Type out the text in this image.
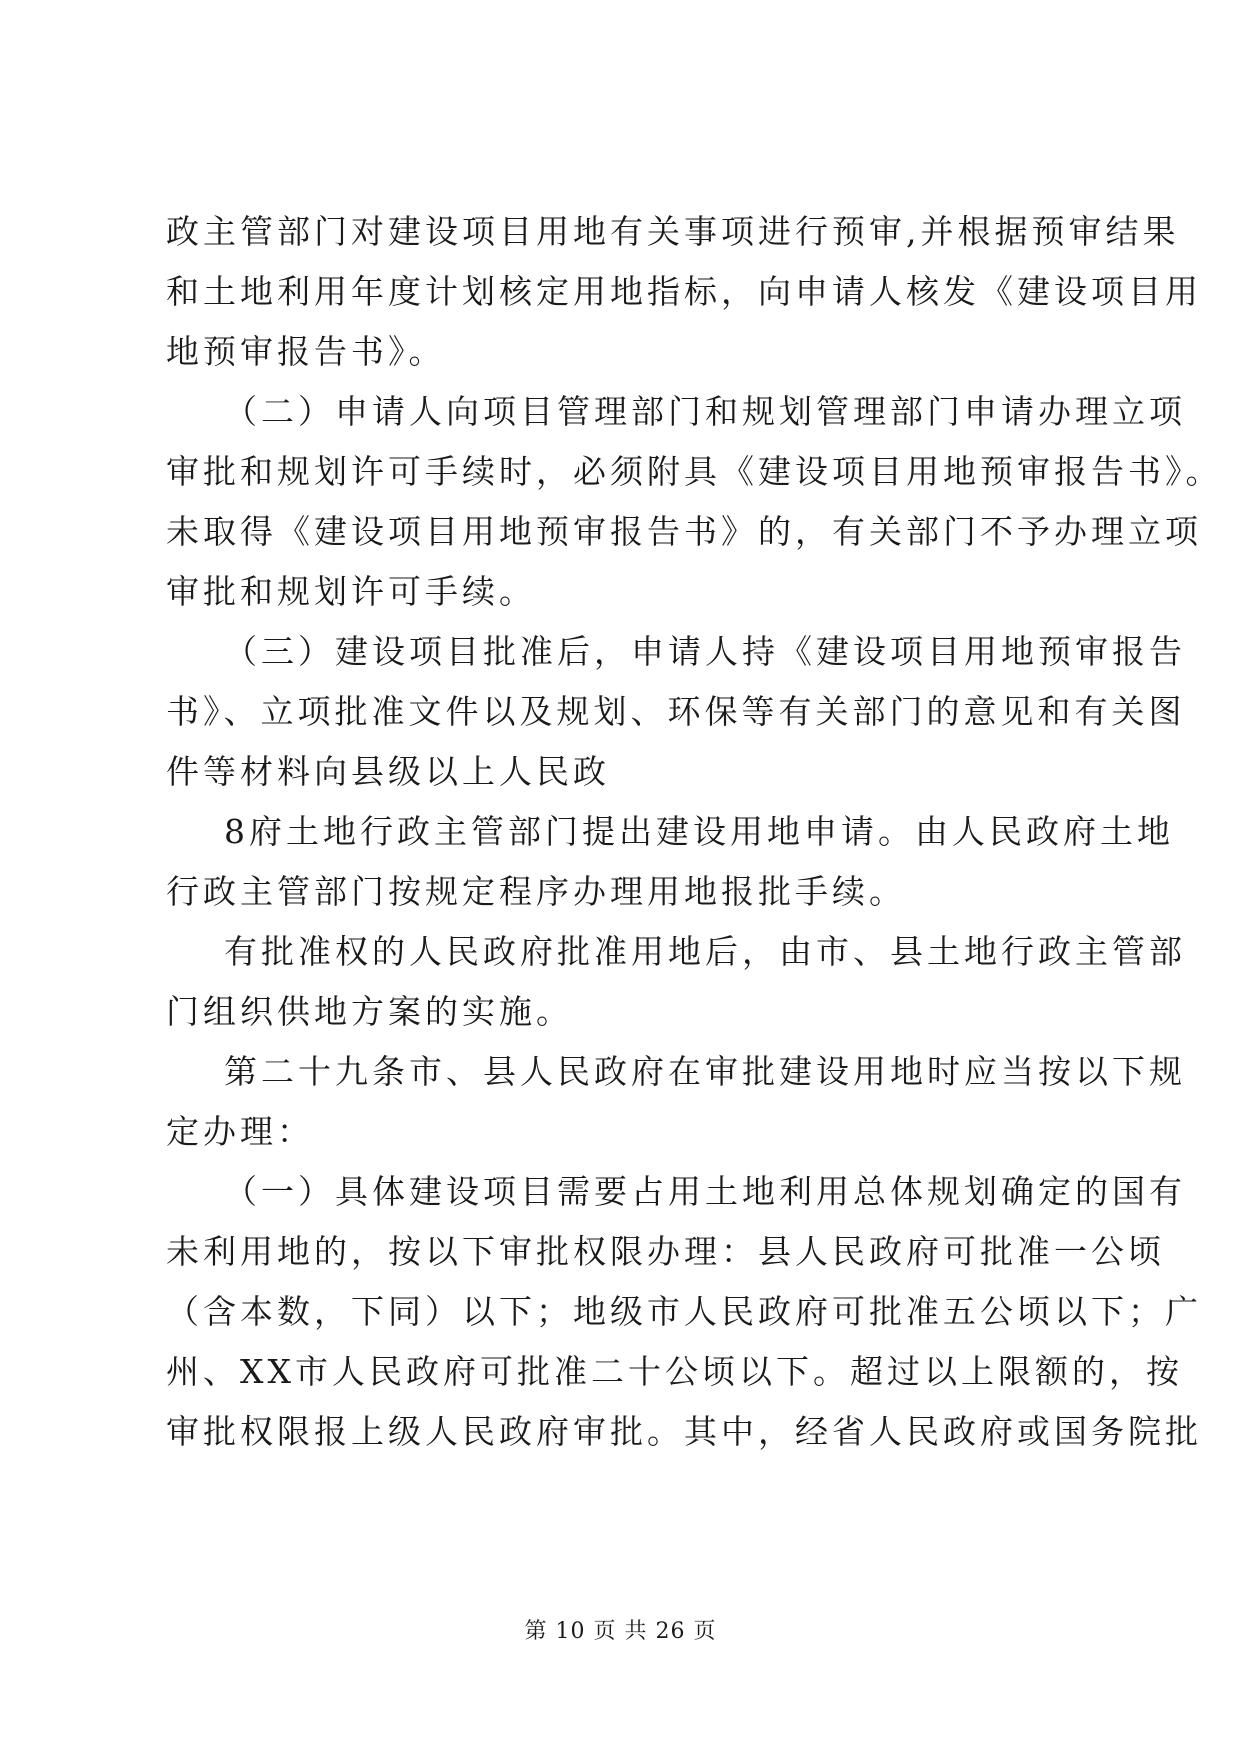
政主管部门对建设项目用地有关事项进行预审,并根据预审结果
和土地利用年度计划核定用地指标，向申请人核发《建设项目用
地预审报告书》。
（二）申请人向项目管理部门和规划管理部门申请办理立项
审批和规划许可手续时，必须附具《建设项目用地预审报告书》。
未取得《建设项目用地预审报告书》的，有关部门不予办理立项
审批和规划许可手续。
（三）建设项目批准后，申请人持《建设项目用地预审报告
书》、立项批准文件以及规划、环保等有关部门的意见和有关图
件等材料向县级以上人民政
8府土地行政主管部门提出建设用地申请。由人民政府土地
行政主管部门按规定程序办理用地报批手续。
有批准权的人民政府批准用地后，由市、县土地行政主管部
门组织供地方案的实施。
第二十九条市、县人民政府在审批建设用地时应当按以下规
定办理：
（一）具体建设项目需要占用土地利用总体规划确定的国有
未利用地的，按以下审批权限办理：县人民政府可批准一公顷
（含本数，下同）以下；地级市人民政府可批准五公顷以下；广
州、XX市人民政府可批准二十公顷以下。超过以上限额的，按
审批权限报上级人民政府审批。其中，经省人民政府或国务院批
第 10 页 共 26 页
